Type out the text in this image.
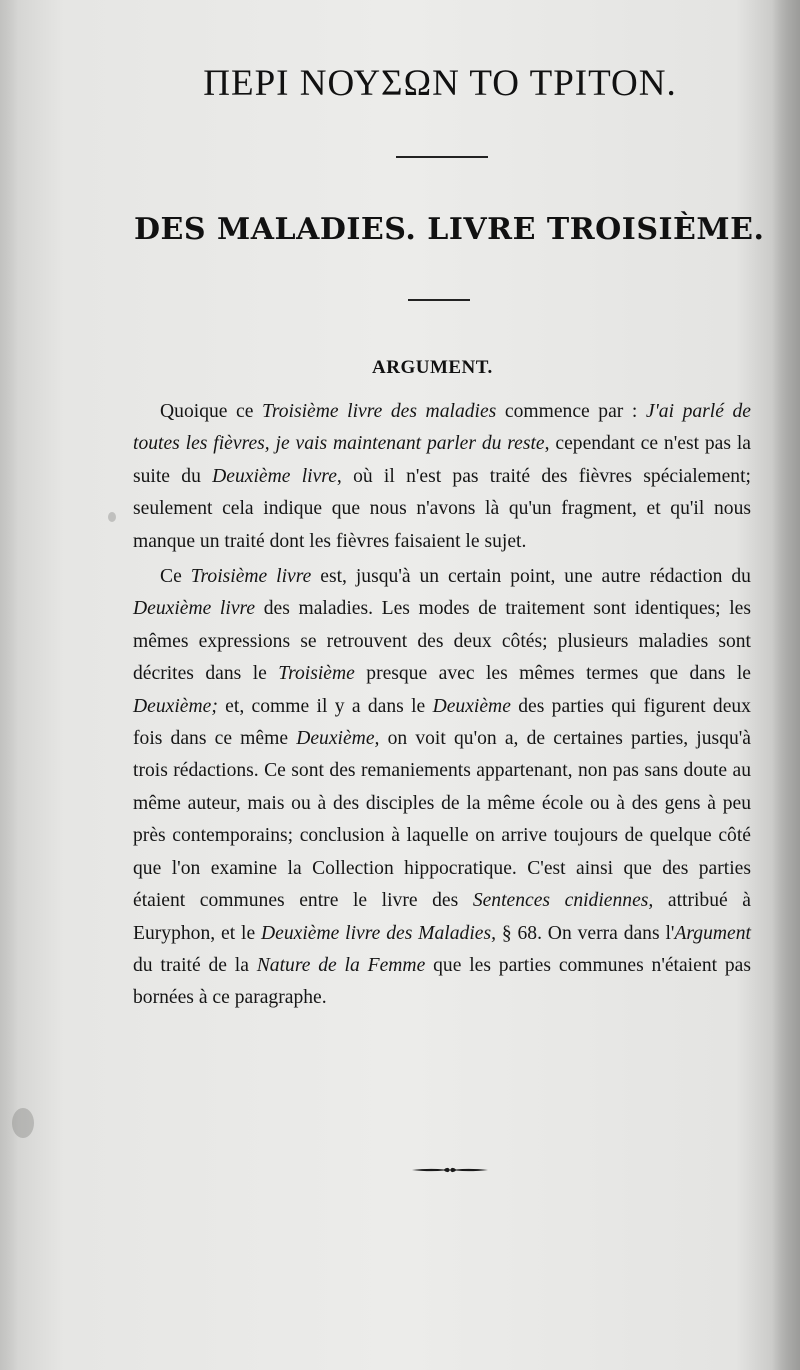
ΠΕΡΙ ΝΟΥΣΩΝ ΤΟ ΤΡΙΤΟΝ.
DES MALADIES. LIVRE TROISIÈME.
ARGUMENT.

Quoique ce Troisième livre des maladies commence par : J'ai parlé de toutes les fièvres, je vais maintenant parler du reste, cependant ce n'est pas la suite du Deuxième livre, où il n'est pas traité des fièvres spécialement; seulement cela indique que nous n'avons là qu'un fragment, et qu'il nous manque un traité dont les fièvres faisaient le sujet.

Ce Troisième livre est, jusqu'à un certain point, une autre rédaction du Deuxième livre des maladies. Les modes de traitement sont identiques; les mêmes expressions se retrouvent des deux côtés; plusieurs maladies sont décrites dans le Troisième presque avec les mêmes termes que dans le Deuxième; et, comme il y a dans le Deuxième des parties qui figurent deux fois dans ce même Deuxième, on voit qu'on a, de certaines parties, jusqu'à trois rédactions. Ce sont des remaniements appartenant, non pas sans doute au même auteur, mais ou à des disciples de la même école ou à des gens à peu près contemporains; conclusion à laquelle on arrive toujours de quelque côté que l'on examine la Collection hippocratique. C'est ainsi que des parties étaient communes entre le livre des Sentences cnidiennes, attribué à Euryphon, et le Deuxième livre des Maladies, § 68. On verra dans l'Argument du traité de la Nature de la Femme que les parties communes n'étaient pas bornées à ce paragraphe.
